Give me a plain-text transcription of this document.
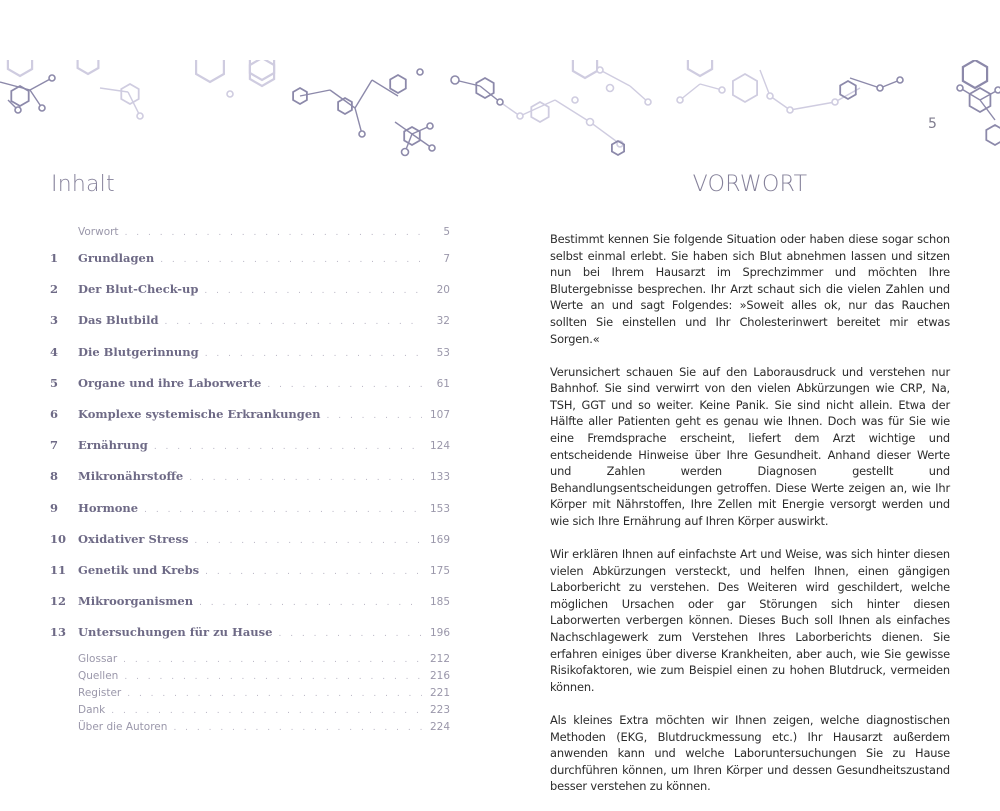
5
Inhalt
Vorwort . . .	5
1	Grundlagen . . .	7
2	Der Blut-Check-up . . .	20
3	Das Blutbild . . .	32
4	Die Blutgerinnung . . .	53
5	Organe und ihre Laborwerte . . .	61
6	Komplexe systemische Erkrankungen . . .	107
7	Ernährung . . .	124
8	Mikronährstoffe . . .	133
9	Hormone . . .	153
10	Oxidativer Stress . . .	169
11	Genetik und Krebs . . .	175
12	Mikroorganismen . . .	185
13	Untersuchungen für zu Hause . . .	196
Glossar . . .	212
Quellen . . .	216
Register . . .	221
Dank . . .	223
Über die Autoren . . .	224
VORWORT

Bestimmt kennen Sie folgende Situation oder haben diese sogar schon selbst einmal erlebt. Sie haben sich Blut abnehmen lassen und sitzen nun bei Ihrem Hausarzt im Sprechzimmer und möchten Ihre Blutergebnisse besprechen. Ihr Arzt schaut sich die vielen Zahlen und Werte an und sagt Folgendes: »Soweit alles ok, nur das Rauchen sollten Sie einstellen und Ihr Cholesterinwert bereitet mir etwas Sorgen.«

Verunsichert schauen Sie auf den Laborausdruck und verstehen nur Bahnhof. Sie sind verwirrt von den vielen Abkürzungen wie CRP, Na, TSH, GGT und so weiter. Keine Panik. Sie sind nicht allein. Etwa der Hälfte aller Patienten geht es genau wie Ihnen. Doch was für Sie wie eine Fremdsprache erscheint, liefert dem Arzt wichtige und entscheidende Hinweise über Ihre Gesundheit. Anhand dieser Werte und Zahlen werden Diagnosen gestellt und Behandlungsentscheidungen getroffen. Diese Werte zeigen an, wie Ihr Körper mit Nährstoffen, Ihre Zellen mit Energie versorgt werden und wie sich Ihre Ernährung auf Ihren Körper auswirkt.

Wir erklären Ihnen auf einfachste Art und Weise, was sich hinter diesen vielen Abkürzungen versteckt, und helfen Ihnen, einen gängigen Laborbericht zu verstehen. Des Weiteren wird geschildert, welche möglichen Ursachen oder gar Störungen sich hinter diesen Laborwerten verbergen können. Dieses Buch soll Ihnen als einfaches Nachschlagewerk zum Verstehen Ihres Laborberichts dienen. Sie erfahren einiges über diverse Krankheiten, aber auch, wie Sie gewisse Risikofaktoren, wie zum Beispiel einen zu hohen Blutdruck, vermeiden können.

Als kleines Extra möchten wir Ihnen zeigen, welche diagnostischen Methoden (EKG, Blutdruckmessung etc.) Ihr Hausarzt außerdem anwenden kann und welche Laboruntersuchungen Sie zu Hause durchführen können, um Ihren Körper und dessen Gesundheitszustand besser verstehen zu können.
